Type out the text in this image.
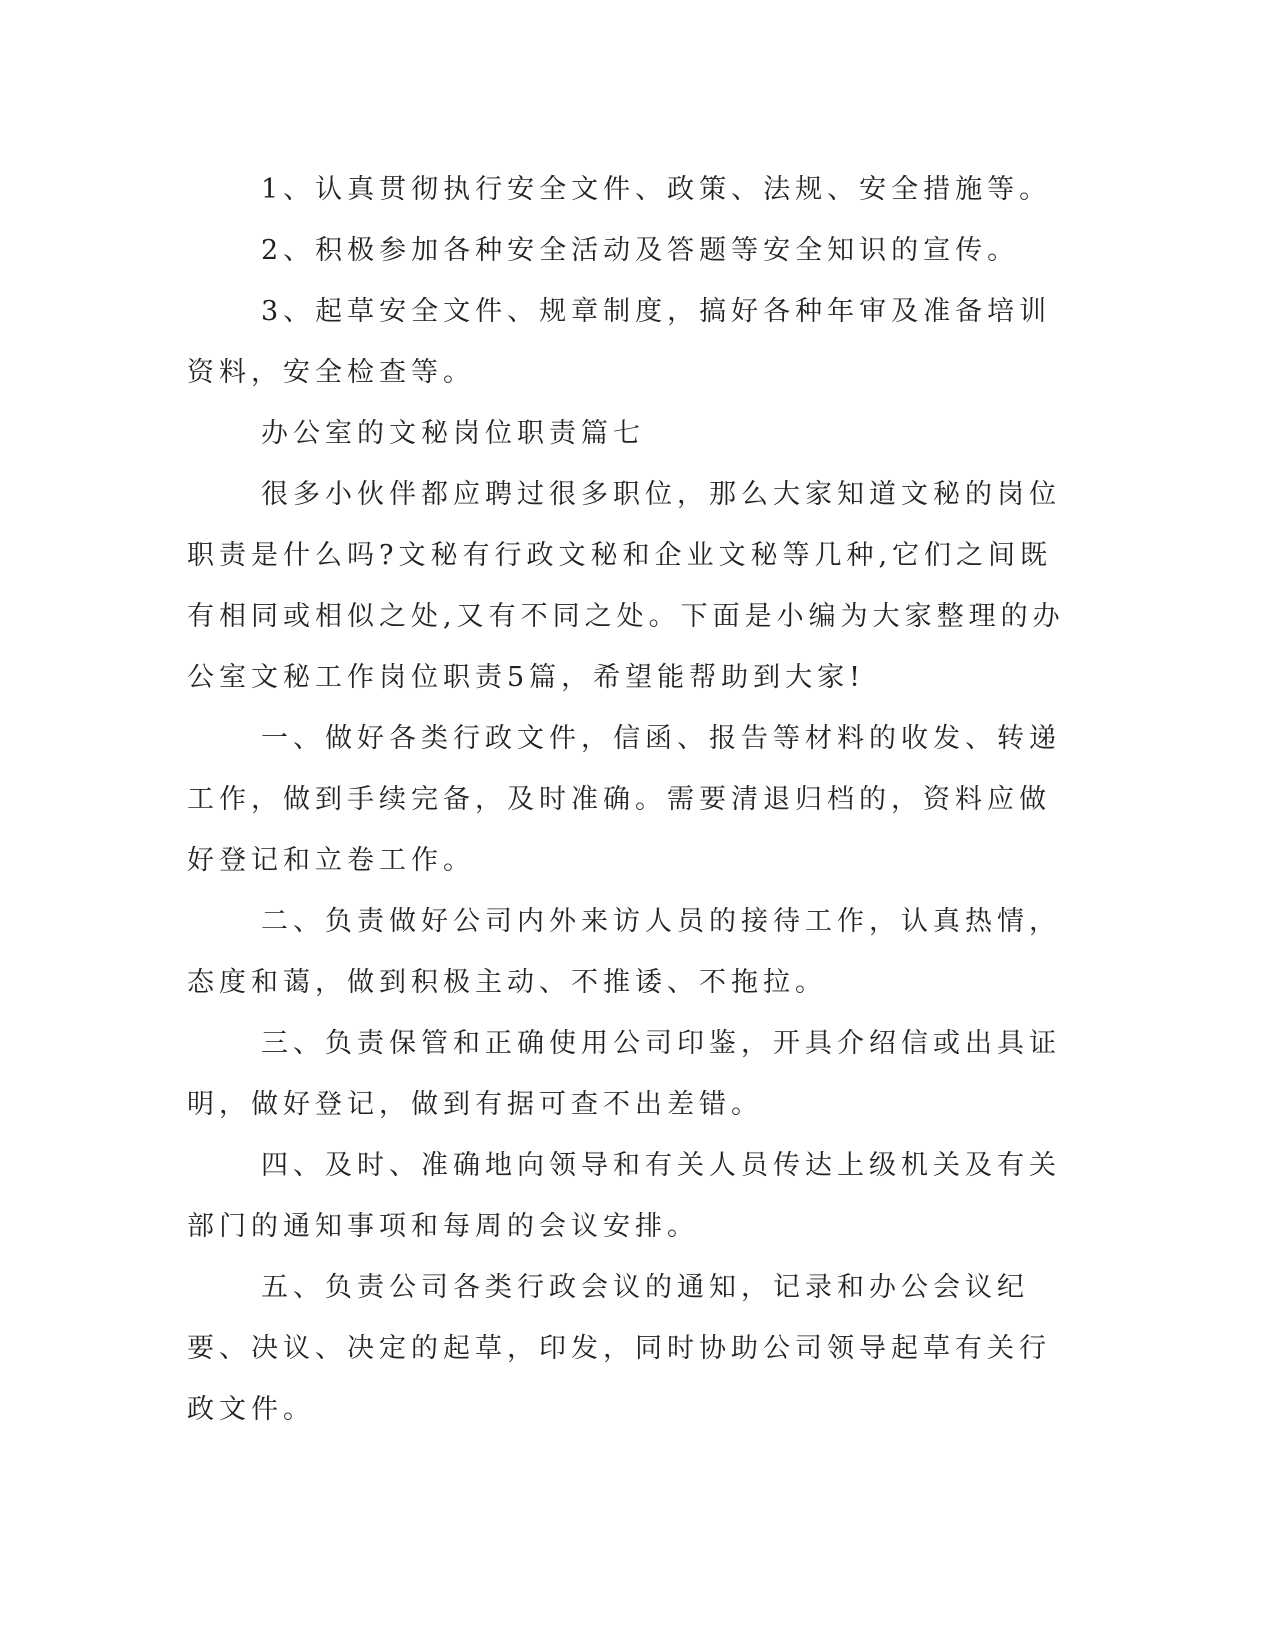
1、认真贯彻执行安全文件、政策、法规、安全措施等。

2、积极参加各种安全活动及答题等安全知识的宣传。

3、起草安全文件、规章制度，搞好各种年审及准备培训资料，安全检查等。

办公室的文秘岗位职责篇七

很多小伙伴都应聘过很多职位，那么大家知道文秘的岗位职责是什么吗?文秘有行政文秘和企业文秘等几种,它们之间既有相同或相似之处,又有不同之处。下面是小编为大家整理的办公室文秘工作岗位职责5篇，希望能帮助到大家!

一、做好各类行政文件，信函、报告等材料的收发、转递工作，做到手续完备，及时准确。需要清退归档的，资料应做好登记和立卷工作。

二、负责做好公司内外来访人员的接待工作，认真热情，态度和蔼，做到积极主动、不推诿、不拖拉。

三、负责保管和正确使用公司印鉴，开具介绍信或出具证明，做好登记，做到有据可查不出差错。

四、及时、准确地向领导和有关人员传达上级机关及有关部门的通知事项和每周的会议安排。

五、负责公司各类行政会议的通知，记录和办公会议纪要、决议、决定的起草，印发，同时协助公司领导起草有关行政文件。
